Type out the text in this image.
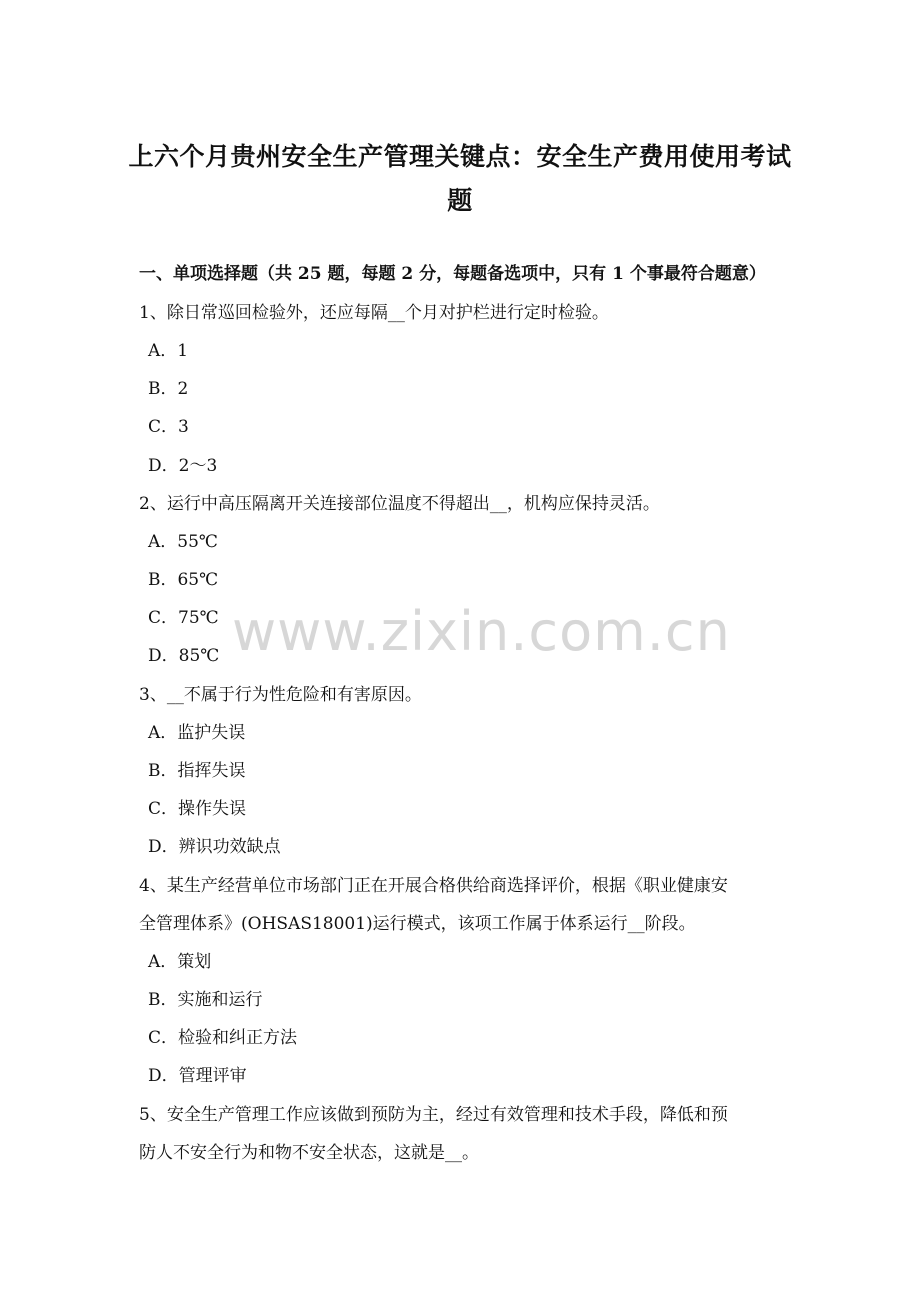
上六个月贵州安全生产管理关键点：安全生产费用使用考试
题
一、单项选择题（共 25 题，每题 2 分，每题备选项中，只有 1 个事最符合题意）
1、除日常巡回检验外，还应每隔__个月对护栏进行定时检验。
A．1
B．2
C．3
D．2～3
2、运行中高压隔离开关连接部位温度不得超出__，机构应保持灵活。
A．55℃
B．65℃
C．75℃
D．85℃
3、__不属于行为性危险和有害原因。
A．监护失误
B．指挥失误
C．操作失误
D．辨识功效缺点
4、某生产经营单位市场部门正在开展合格供给商选择评价，根据《职业健康安
全管理体系》(OHSAS18001)运行模式，该项工作属于体系运行__阶段。
A．策划
B．实施和运行
C．检验和纠正方法
D．管理评审
5、安全生产管理工作应该做到预防为主，经过有效管理和技术手段，降低和预
防人不安全行为和物不安全状态，这就是__。
www.zixin.com.cn
